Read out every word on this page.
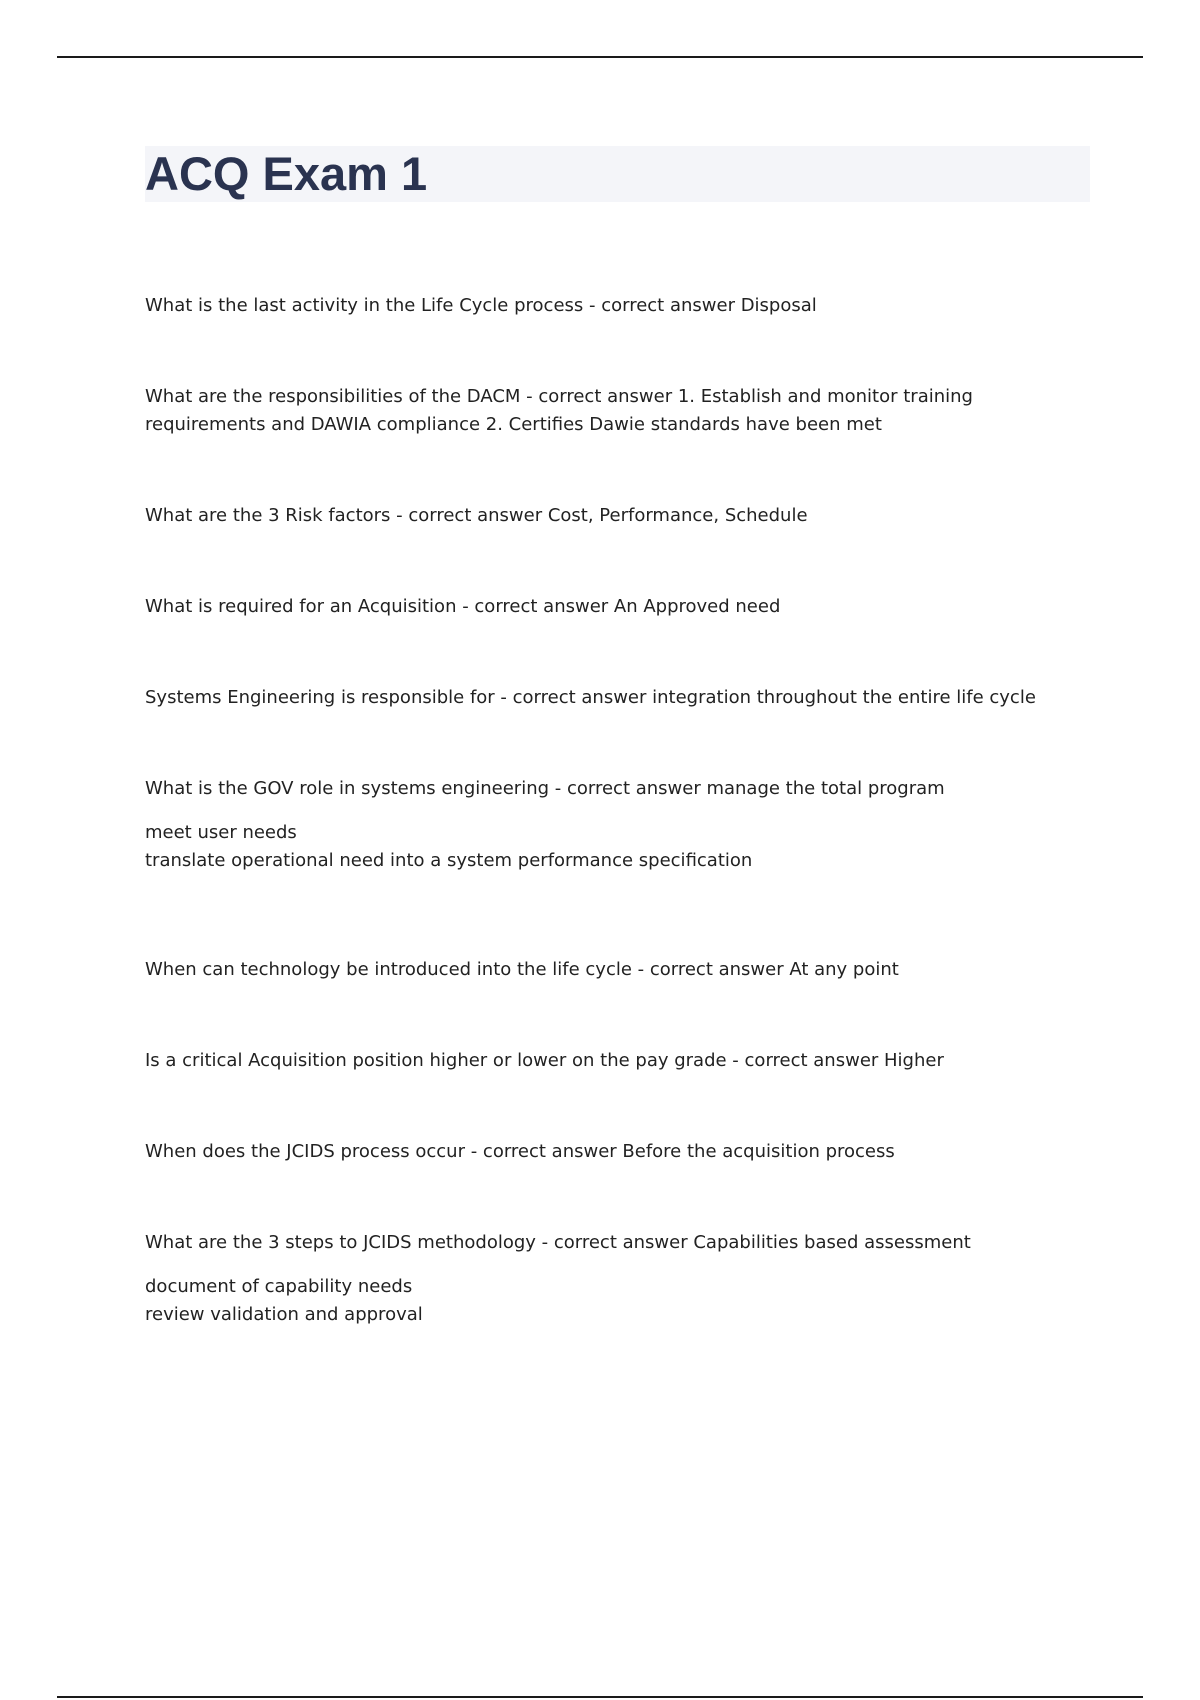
ACQ Exam 1

What is the last activity in the Life Cycle process - correct answer Disposal

What are the responsibilities of the DACM - correct answer 1. Establish and monitor training requirements and DAWIA compliance 2. Certifies Dawie standards have been met

What are the 3 Risk factors - correct answer Cost, Performance, Schedule

What is required for an Acquisition - correct answer An Approved need

Systems Engineering is responsible for - correct answer integration throughout the entire life cycle

What is the GOV role in systems engineering - correct answer manage the total program
meet user needs
translate operational need into a system performance specification

When can technology be introduced into the life cycle - correct answer At any point

Is a critical Acquisition position higher or lower on the pay grade - correct answer Higher

When does the JCIDS process occur - correct answer Before the acquisition process

What are the 3 steps to JCIDS methodology - correct answer Capabilities based assessment
document of capability needs
review validation and approval
